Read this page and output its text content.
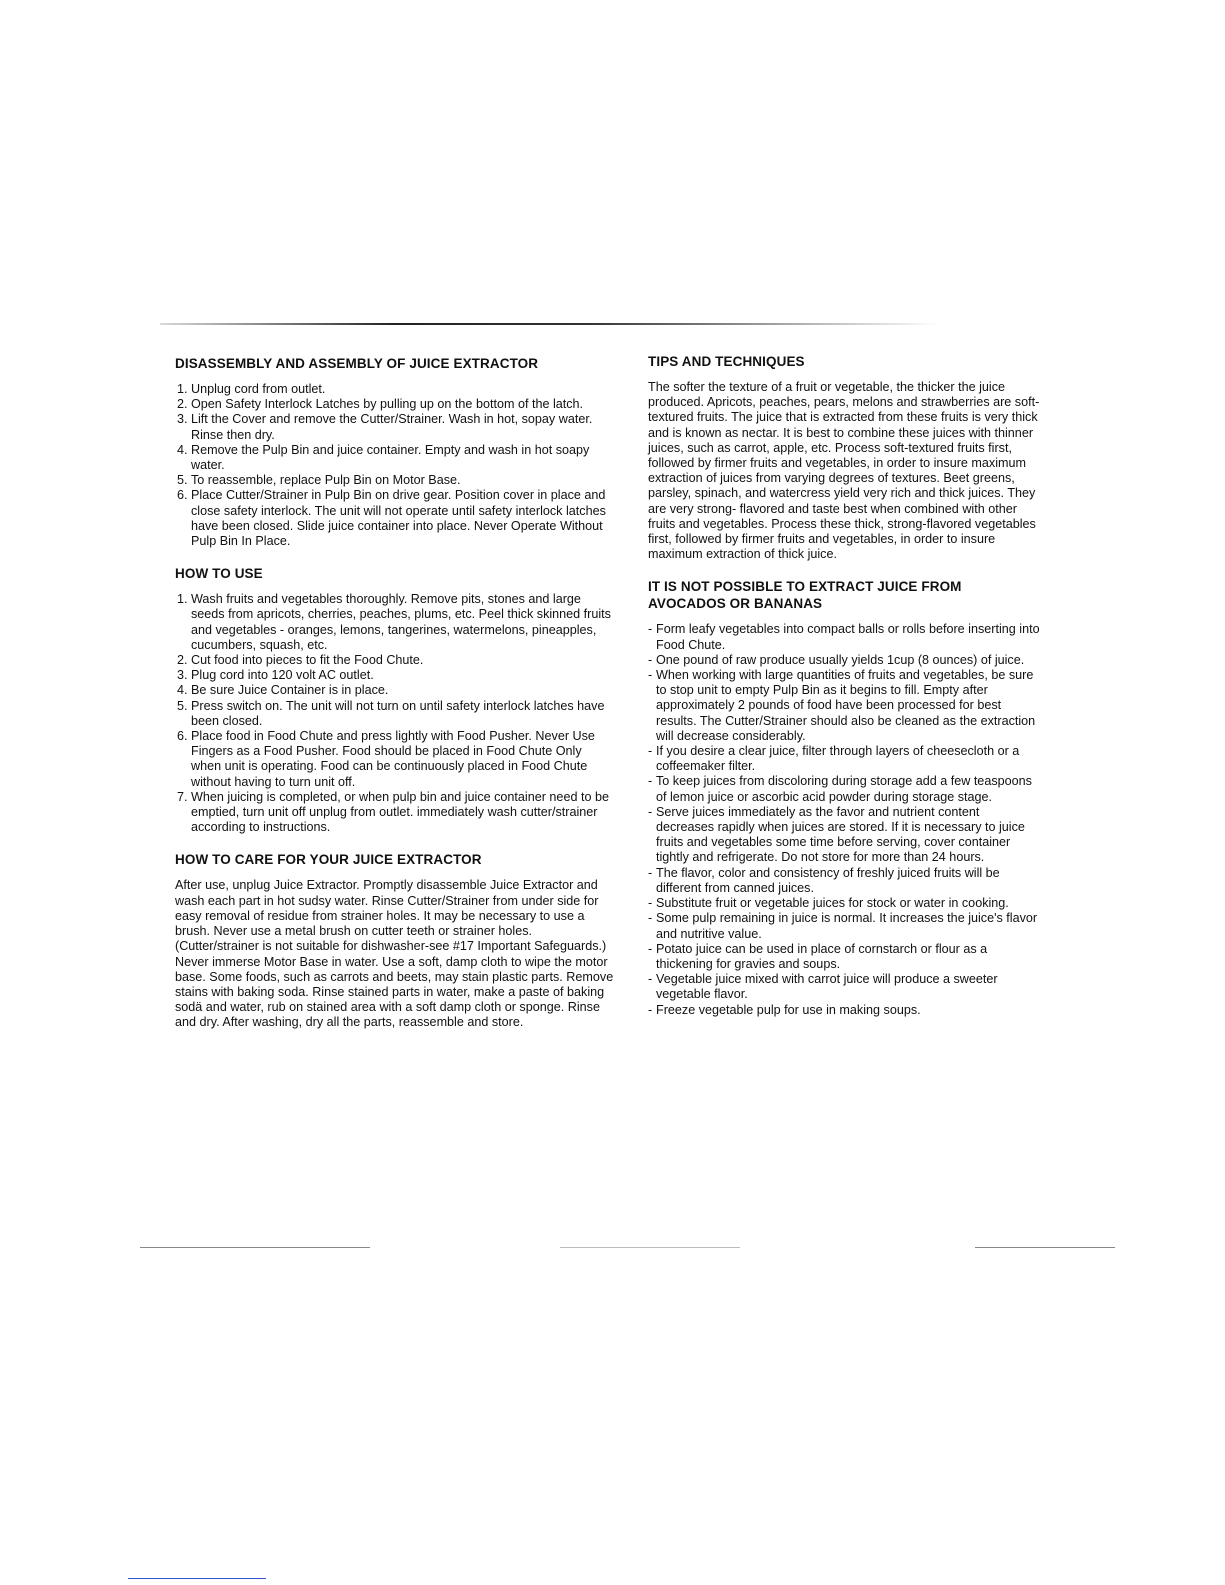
DISASSEMBLY AND ASSEMBLY OF JUICE EXTRACTOR
1. Unplug cord from outlet.
2. Open Safety Interlock Latches by pulling up on the bottom of the latch.
3. Lift the Cover and remove the Cutter/Strainer. Wash in hot, sopay water. Rinse then dry.
4. Remove the Pulp Bin and juice container. Empty and wash in hot soapy water.
5. To reassemble, replace Pulp Bin on Motor Base.
6. Place Cutter/Strainer in Pulp Bin on drive gear. Position cover in place and close safety interlock. The unit will not operate until safety interlock latches have been closed. Slide juice container into place. Never Operate Without Pulp Bin In Place.
HOW TO USE
1. Wash fruits and vegetables thoroughly. Remove pits, stones and large seeds from apricots, cherries, peaches, plums, etc. Peel thick skinned fruits and vegetables - oranges, lemons, tangerines, watermelons, pineapples, cucumbers, squash, etc.
2. Cut food into pieces to fit the Food Chute.
3. Plug cord into 120 volt AC outlet.
4. Be sure Juice Container is in place.
5. Press switch on. The unit will not turn on until safety interlock latches have been closed.
6. Place food in Food Chute and press lightly with Food Pusher. Never Use Fingers as a Food Pusher. Food should be placed in Food Chute Only when unit is operating. Food can be continuously placed in Food Chute without having to turn unit off.
7. When juicing is completed, or when pulp bin and juice container need to be emptied, turn unit off unplug from outlet. immediately wash cutter/strainer according to instructions.
HOW TO CARE FOR YOUR JUICE EXTRACTOR

After use, unplug Juice Extractor. Promptly disassemble Juice Extractor and wash each part in hot sudsy water. Rinse Cutter/Strainer from under side for easy removal of residue from strainer holes. It may be necessary to use a brush. Never use a metal brush on cutter teeth or strainer holes. (Cutter/strainer is not suitable for dishwasher-see #17 Important Safeguards.) Never immerse Motor Base in water. Use a soft, damp cloth to wipe the motor base. Some foods, such as carrots and beets, may stain plastic parts. Remove stains with baking soda. Rinse stained parts in water, make a paste of baking sodä and water, rub on stained area with a soft damp cloth or sponge. Rinse and dry. After washing, dry all the parts, reassemble and store.

TIPS AND TECHNIQUES

The softer the texture of a fruit or vegetable, the thicker the juice produced. Apricots, peaches, pears, melons and strawberries are soft-textured fruits. The juice that is extracted from these fruits is very thick and is known as nectar. It is best to combine these juices with thinner juices, such as carrot, apple, etc. Process soft-textured fruits first, followed by firmer fruits and vegetables, in order to insure maximum extraction of juices from varying degrees of textures. Beet greens, parsley, spinach, and watercress yield very rich and thick juices. They are very strong- flavored and taste best when combined with other fruits and vegetables. Process these thick, strong-flavored vegetables first, followed by firmer fruits and vegetables, in order to insure maximum extraction of thick juice.

IT IS NOT POSSIBLE TO EXTRACT JUICE FROM AVOCADOS OR BANANAS
- Form leafy vegetables into compact balls or rolls before inserting into Food Chute.
- One pound of raw produce usually yields 1cup (8 ounces) of juice.
- When working with large quantities of fruits and vegetables, be sure to stop unit to empty Pulp Bin as it begins to fill. Empty after approximately 2 pounds of food have been processed for best results. The Cutter/Strainer should also be cleaned as the extraction will decrease considerably.
- If you desire a clear juice, filter through layers of cheesecloth or a coffeemaker filter.
- To keep juices from discoloring during storage add a few teaspoons of lemon juice or ascorbic acid powder during storage stage.
- Serve juices immediately as the favor and nutrient content decreases rapidly when juices are stored. If it is necessary to juice fruits and vegetables some time before serving, cover container tightly and refrigerate. Do not store for more than 24 hours.
- The flavor, color and consistency of freshly juiced fruits will be different from canned juices.
- Substitute fruit or vegetable juices for stock or water in cooking.
- Some pulp remaining in juice is normal. It increases the juice's flavor and nutritive value.
- Potato juice can be used in place of cornstarch or flour as a thickening for gravies and soups.
- Vegetable juice mixed with carrot juice will produce a sweeter vegetable flavor.
- Freeze vegetable pulp for use in making soups.
